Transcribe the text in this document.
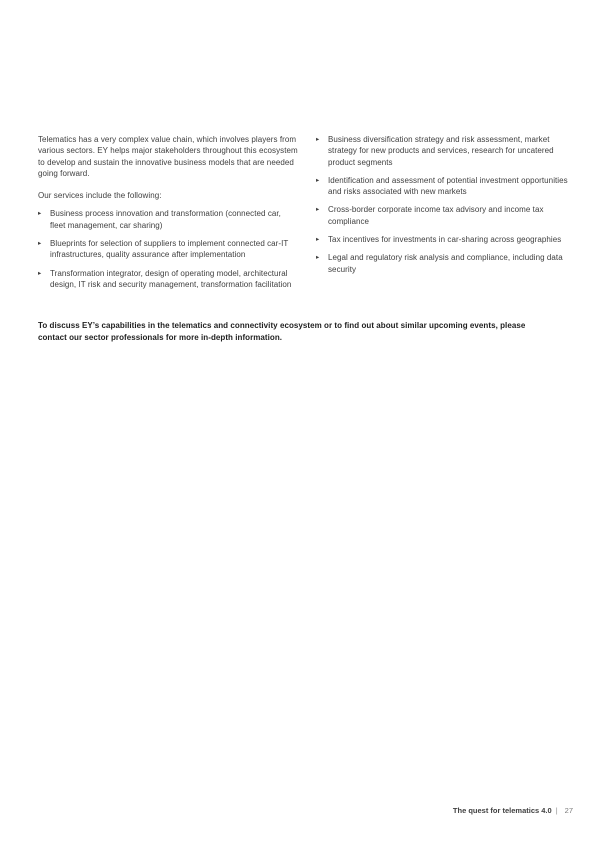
Telematics has a very complex value chain, which involves players from various sectors. EY helps major stakeholders throughout this ecosystem to develop and sustain the innovative business models that are needed going forward.

Our services include the following:

▸	Business process innovation and transformation (connected car, fleet management, car sharing)
▸	Blueprints for selection of suppliers to implement connected car-IT infrastructures, quality assurance after implementation
▸	Transformation integrator, design of operating model, architectural design, IT risk and security management, transformation facilitation
▸	Business diversification strategy and risk assessment, market strategy for new products and services, research for uncatered product segments
▸	Identification and assessment of potential investment opportunities and risks associated with new markets
▸	Cross-border corporate income tax advisory and income tax compliance
▸	Tax incentives for investments in car-sharing across geographies
▸	Legal and regulatory risk analysis and compliance, including data security

To discuss EY’s capabilities in the telematics and connectivity ecosystem or to find out about similar upcoming events, please contact our sector professionals for more in-depth information.

The quest for telematics 4.0 | 27
